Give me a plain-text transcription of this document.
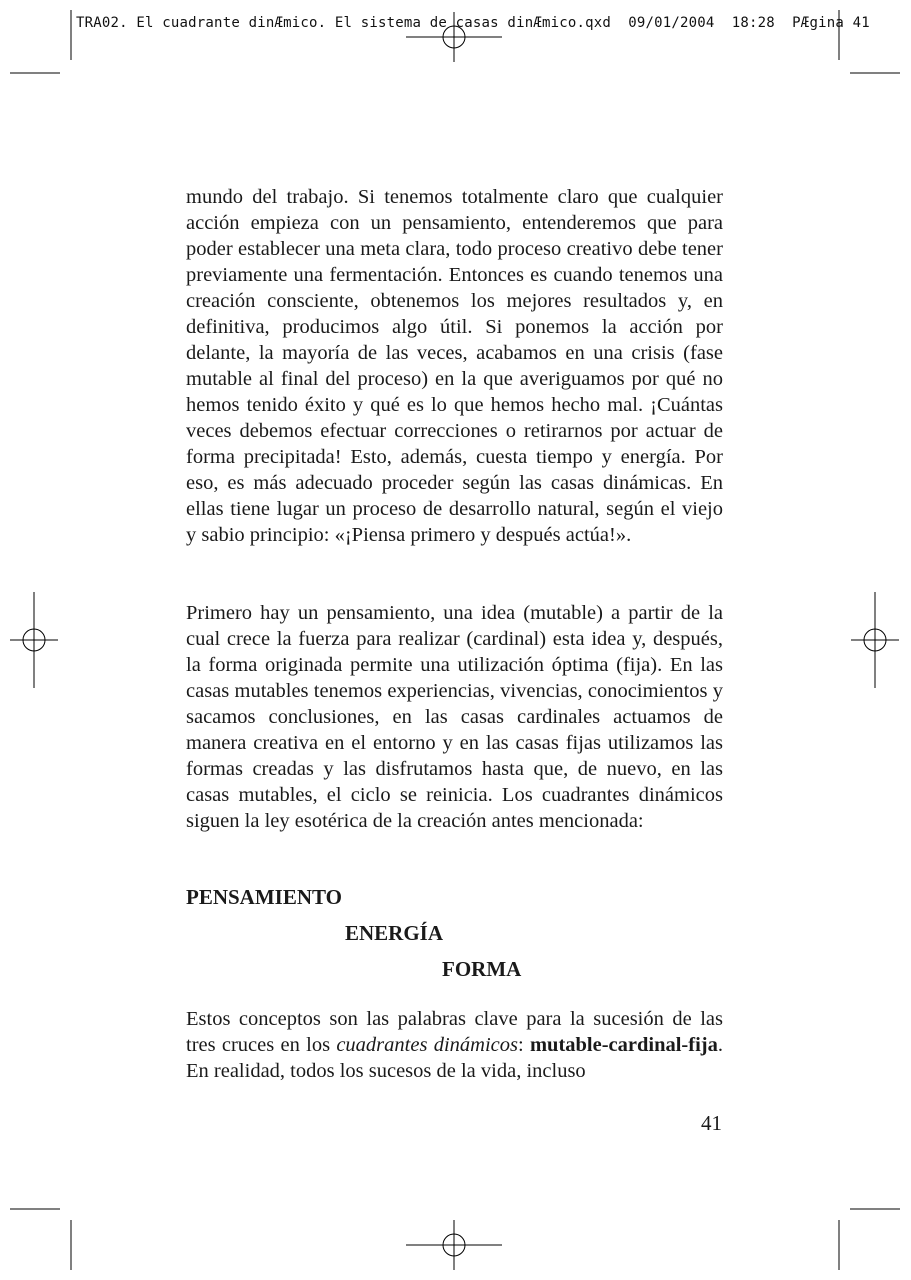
TRA02. El cuadrante dinÆmico. El sistema de casas dinÆmico.qxd  09/01/2004  18:28  PÆgina 41

mundo del trabajo. Si tenemos totalmente claro que cualquier acción empieza con un pensamiento, entenderemos que para poder establecer una meta clara, todo proceso creativo debe tener previamente una fermentación. Entonces es cuando tenemos una creación consciente, obtenemos los mejores resultados y, en definitiva, producimos algo útil. Si ponemos la acción por delante, la mayoría de las veces, acabamos en una crisis (fase mutable al final del proceso) en la que averiguamos por qué no hemos tenido éxito y qué es lo que hemos hecho mal. ¡Cuántas veces debemos efectuar correcciones o retirarnos por actuar de forma precipitada! Esto, además, cuesta tiempo y energía. Por eso, es más adecuado proceder según las casas dinámicas. En ellas tiene lugar un proceso de desarrollo natural, según el viejo y sabio principio: «¡Piensa primero y después actúa!».

Primero hay un pensamiento, una idea (mutable) a partir de la cual crece la fuerza para realizar (cardinal) esta idea y, después, la forma originada permite una utilización óptima (fija). En las casas mutables tenemos experiencias, vivencias, conocimientos y sacamos conclusiones, en las casas cardinales actuamos de manera creativa en el entorno y en las casas fijas utilizamos las formas creadas y las disfrutamos hasta que, de nuevo, en las casas mutables, el ciclo se reinicia. Los cuadrantes dinámicos siguen la ley esotérica de la creación antes mencionada:

PENSAMIENTO
ENERGÍA
FORMA

Estos conceptos son las palabras clave para la sucesión de las tres cruces en los cuadrantes dinámicos: mutable-cardinal-fija. En realidad, todos los sucesos de la vida, incluso

41
